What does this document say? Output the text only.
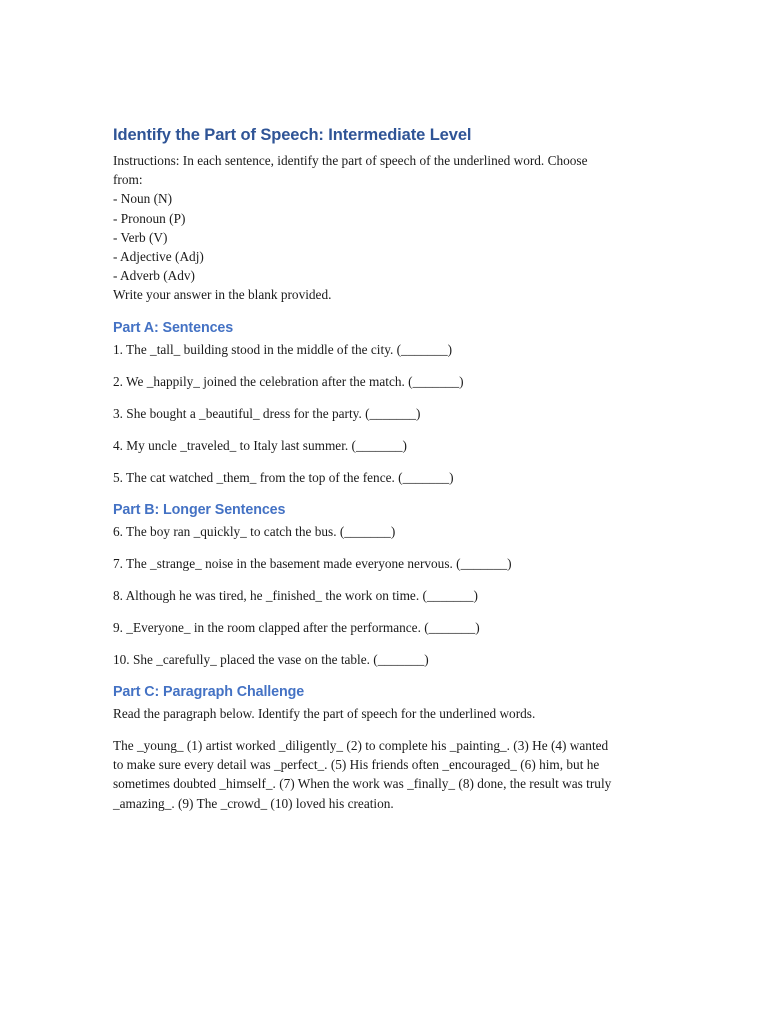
Identify the Part of Speech: Intermediate Level

Instructions: In each sentence, identify the part of speech of the underlined word. Choose

from:

- Noun (N)

- Pronoun (P)

- Verb (V)

- Adjective (Adj)

- Adverb (Adv)

Write your answer in the blank provided.

Part A: Sentences

1. The _tall_ building stood in the middle of the city. (_______)

2. We _happily_ joined the celebration after the match. (_______)

3. She bought a _beautiful_ dress for the party. (_______)

4. My uncle _traveled_ to Italy last summer. (_______)

5. The cat watched _them_ from the top of the fence. (_______)

Part B: Longer Sentences

6. The boy ran _quickly_ to catch the bus. (_______)

7. The _strange_ noise in the basement made everyone nervous. (_______)

8. Although he was tired, he _finished_ the work on time. (_______)

9. _Everyone_ in the room clapped after the performance. (_______)

10. She _carefully_ placed the vase on the table. (_______)

Part C: Paragraph Challenge

Read the paragraph below. Identify the part of speech for the underlined words.

The _young_ (1) artist worked _diligently_ (2) to complete his _painting_. (3) He (4) wanted
to make sure every detail was _perfect_. (5) His friends often _encouraged_ (6) him, but he
sometimes doubted _himself_. (7) When the work was _finally_ (8) done, the result was truly
_amazing_. (9) The _crowd_ (10) loved his creation.
